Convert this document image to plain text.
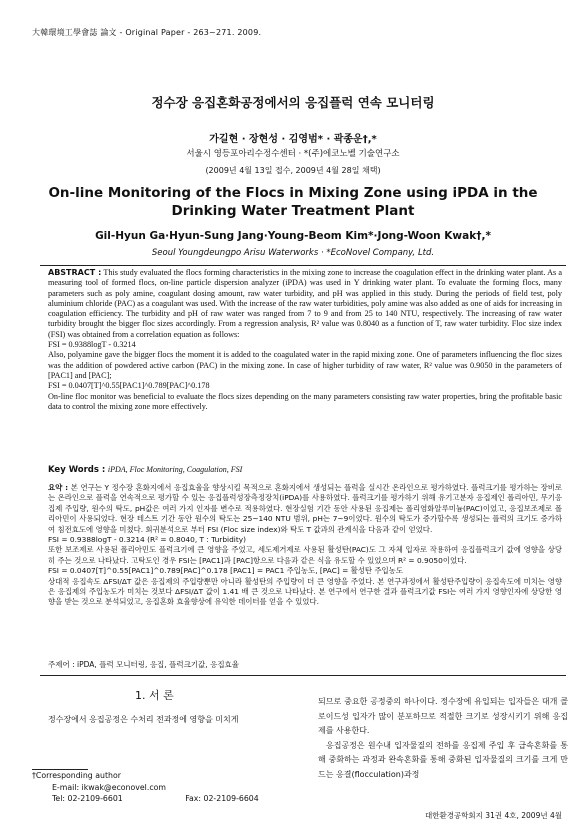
大韓環境工學會誌 論文 - Original Paper - 263~271. 2009.
정수장 응집혼화공정에서의 응집플럭 연속 모니터링
가길현 · 장현성 · 김영범* · 곽종운†,*
서울시 영등포아리수정수센터 · *(주)에코노벨 기술연구소
(2009년 4월 13일 접수, 2009년 4월 28일 채택)
On-line Monitoring of the Flocs in Mixing Zone using iPDA in the
Drinking Water Treatment Plant
Gil-Hyun Ga·Hyun-Sung Jang·Young-Beom Kim*·Jong-Woon Kwak†,*
Seoul Youngdeungpo Arisu Waterworks · *EcoNovel Company, Ltd.

ABSTRACT : This study evaluated the flocs forming characteristics in the mixing zone to increase the coagulation effect in the drinking water plant. As a measuring tool of formed flocs, on-line particle dispersion analyzer (iPDA) was used in Y drinking water plant. To evaluate the forming flocs, many parameters such as poly amine, coagulant dosing amount, raw water turbidity, and pH was applied in this study. During the periods of field test, poly aluminium chloride (PAC) as a coagulant was used. With the increase of the raw water turbidities, poly amine was also added as one of aids for increasing in coagulation efficiency. The turbidity and pH of raw water was ranged from 7 to 9 and from 25 to 140 NTU, respectively. The increasing of raw water turbidity brought the bigger floc sizes accordingly. From a regression analysis, R² value was 0.8040 as a function of T, raw water turbidity. Floc size index (FSI) was obtained from a correlation equation as follows:

FSI = 0.9388logT - 0.3214

Also, polyamine gave the bigger flocs the moment it is added to the coagulated water in the rapid mixing zone. One of parameters influencing the floc sizes was the addition of powdered active carbon (PAC) in the mixing zone. In case of higher turbidity of raw water, R² value was 0.9050 in the parameters of [PAC1] and [PAC];

FSI = 0.0407[T]^0.55[PAC1]^0.789[PAC]^0.178

On-line floc monitor was beneficial to evaluate the flocs sizes depending on the many parameters consisting raw water properties, bring the profitable basic data to control the mixing zone more effectively.

Key Words : iPDA, Floc Monitoring, Coagulation, FSI

요약 : 본 연구는 Y 정수장 혼화지에서 응집효율을 향상시킬 목적으로 혼화지에서 생성되는 플럭을 실시간 온라인으로 평가하였다. 플럭크기를 평가하는 장비로는 온라인으로 플럭을 연속적으로 평가할 수 있는 응집플럭성장측정장치(iPDA)를 사용하였다. 플럭크기를 평가하기 위해 유기고분자 응집제인 폴리아민, 무기응집제 주입량, 원수의 탁도, pH값은 여러 가지 인자를 변수로 적용하였다. 현장실험 기간 동안 사용된 응집제는 폴리염화알루미늄(PAC)이었고, 응집보조제로 폴리아민이 사용되었다. 현장 테스트 기간 동안 원수의 탁도는 25~140 NTU 범위, pH는 7~9이었다. 원수의 탁도가 증가할수록 생성되는 플럭의 크기도 증가하여 침전효도에 영향을 미쳤다. 회귀분석으로 부터 FSI (Floc size index)와 탁도 T 값과의 관계식을 다음과 같이 얻었다.

FSI = 0.9388logT - 0.3214 (R² = 0.8040, T : Turbidity)

또한 보조제로 사용된 폴리아민도 플럭크기에 큰 영향을 주었고, 세도제거제로 사용된 활성탄(PAC)도 그 자체 입자로 작용하여 응집플럭크기 값에 영향을 상당히 주는 것으로 나타났다. 고탁도인 경우 FSI는 [PAC1]과 [PAC]항으로 다음과 같은 식을 유도할 수 있었으며 R² = 0.9050이었다.

FSI = 0.0407[T]^0.55[PAC1]^0.789[PAC]^0.178 [PAC1] = PAC1 주입농도, [PAC] = 활성탄 주입농도

상대적 응집속도 ΔFSI/ΔT 값은 응집제의 주입량뿐만 아니라 활성탄의 주입량이 더 큰 영향을 주었다. 본 연구과정에서 활성탄주입량이 응집속도에 미치는 영향은 응집제의 주입농도가 미치는 것보다 ΔFSI/ΔT 값이 1.41 배 큰 것으로 나타났다. 본 연구에서 연구한 결과 플럭크기값 FSI는 여러 가지 영향인자에 상당한 영향을 받는 것으로 분석되었고, 응집혼화 효율향상에 유익한 데이터를 얻을 수 있었다.

주제어 : iPDA, 플럭 모니터링, 응집, 플럭크기값, 응집효율
1. 서 론
정수장에서 응집공정은 수처리 전과정에 영향을 미치게

되므로 중요한 공정중의 하나이다. 정수장에 유입되는 입자들은 대개 콜로이드성 입자가 많이 분포하므로 적절한 크기로 성장시키기 위해 응집제를 사용한다.

응집공정은 원수내 입자물질의 전하를 응집제 주입 후 급속혼화를 통해 중화하는 과정과 완속혼화를 통해 중화된 입자물질의 크기를 크게 만드는 응결(flocculation)과정

†Corresponding author
E-mail: ikwak@econovel.com
Tel: 02-2109-6601	Fax: 02-2109-6604
대한환경공학회지 31권 4호, 2009년 4월
